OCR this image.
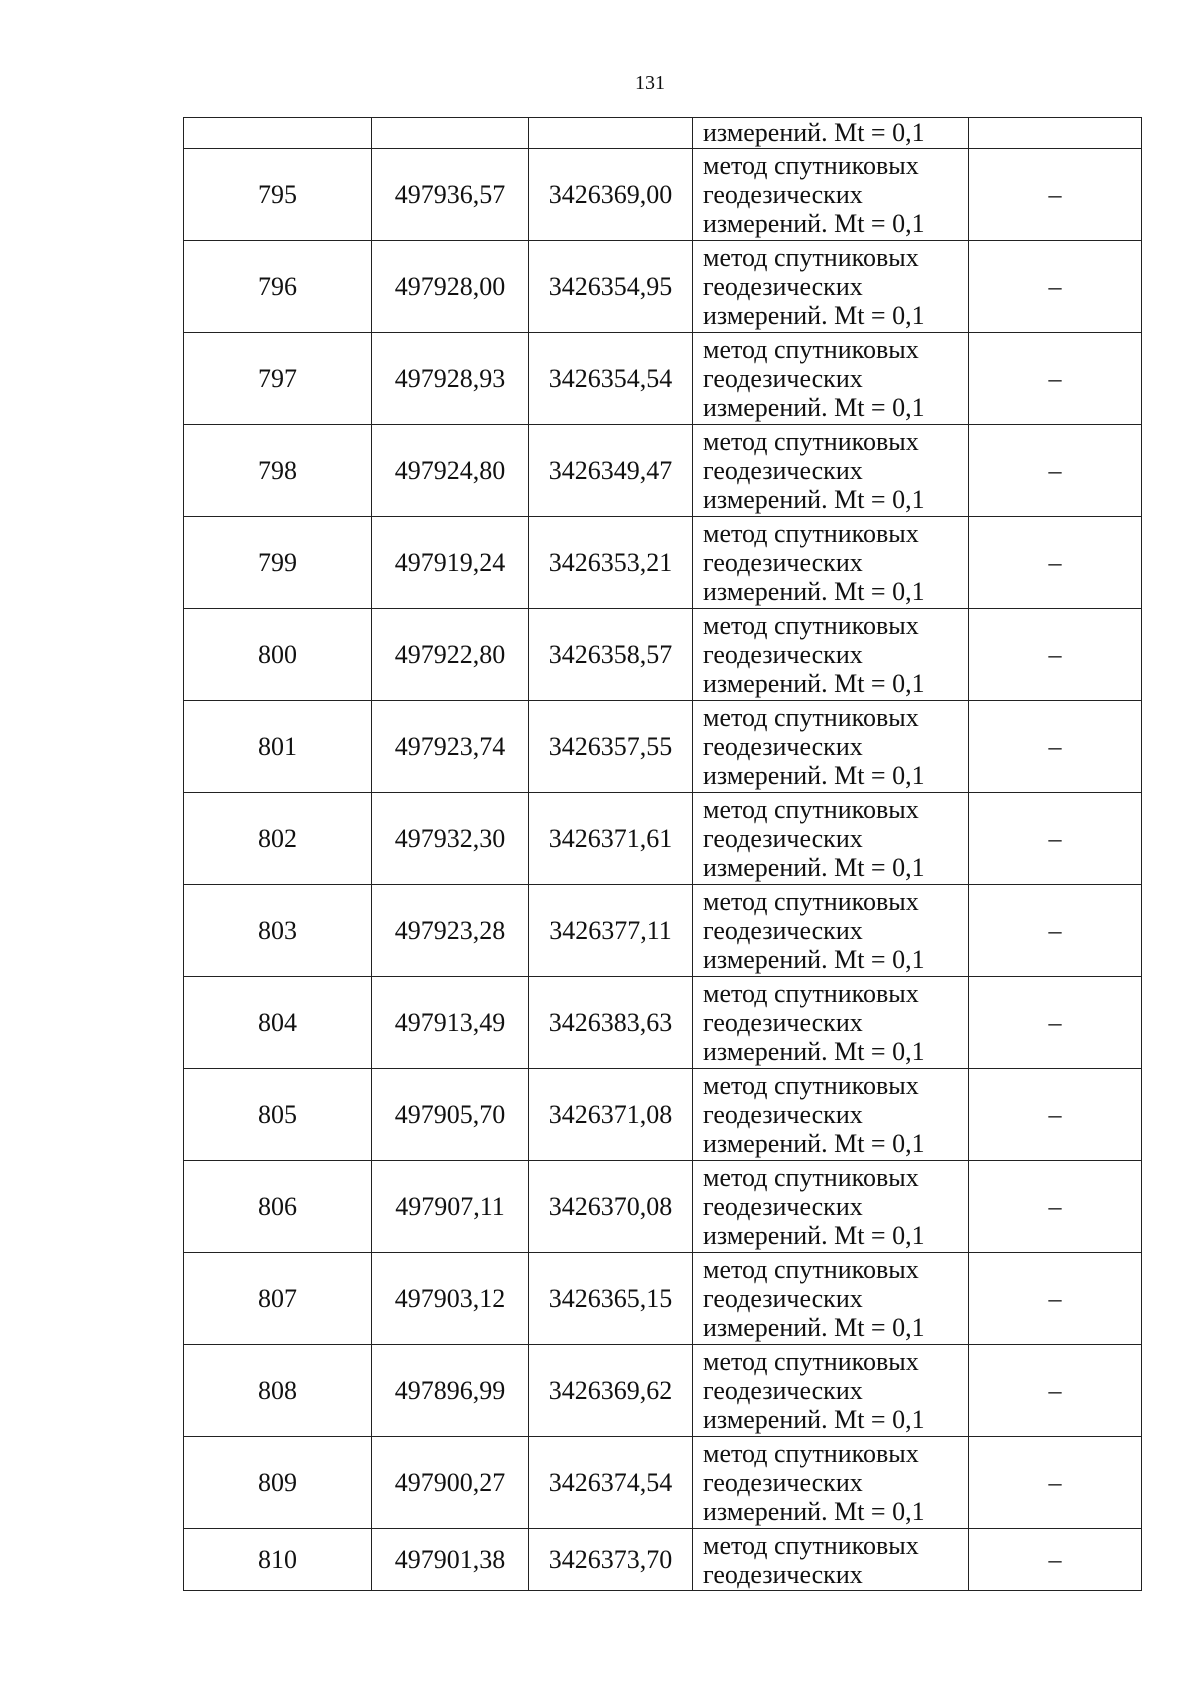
131
			измерений. Mt = 0,1	
795	497936,57	3426369,00	метод спутниковых
геодезических
измерений. Mt = 0,1	–
796	497928,00	3426354,95	метод спутниковых
геодезических
измерений. Mt = 0,1	–
797	497928,93	3426354,54	метод спутниковых
геодезических
измерений. Mt = 0,1	–
798	497924,80	3426349,47	метод спутниковых
геодезических
измерений. Mt = 0,1	–
799	497919,24	3426353,21	метод спутниковых
геодезических
измерений. Mt = 0,1	–
800	497922,80	3426358,57	метод спутниковых
геодезических
измерений. Mt = 0,1	–
801	497923,74	3426357,55	метод спутниковых
геодезических
измерений. Mt = 0,1	–
802	497932,30	3426371,61	метод спутниковых
геодезических
измерений. Mt = 0,1	–
803	497923,28	3426377,11	метод спутниковых
геодезических
измерений. Mt = 0,1	–
804	497913,49	3426383,63	метод спутниковых
геодезических
измерений. Mt = 0,1	–
805	497905,70	3426371,08	метод спутниковых
геодезических
измерений. Mt = 0,1	–
806	497907,11	3426370,08	метод спутниковых
геодезических
измерений. Mt = 0,1	–
807	497903,12	3426365,15	метод спутниковых
геодезических
измерений. Mt = 0,1	–
808	497896,99	3426369,62	метод спутниковых
геодезических
измерений. Mt = 0,1	–
809	497900,27	3426374,54	метод спутниковых
геодезических
измерений. Mt = 0,1	–
810	497901,38	3426373,70	метод спутниковых
геодезических	–
